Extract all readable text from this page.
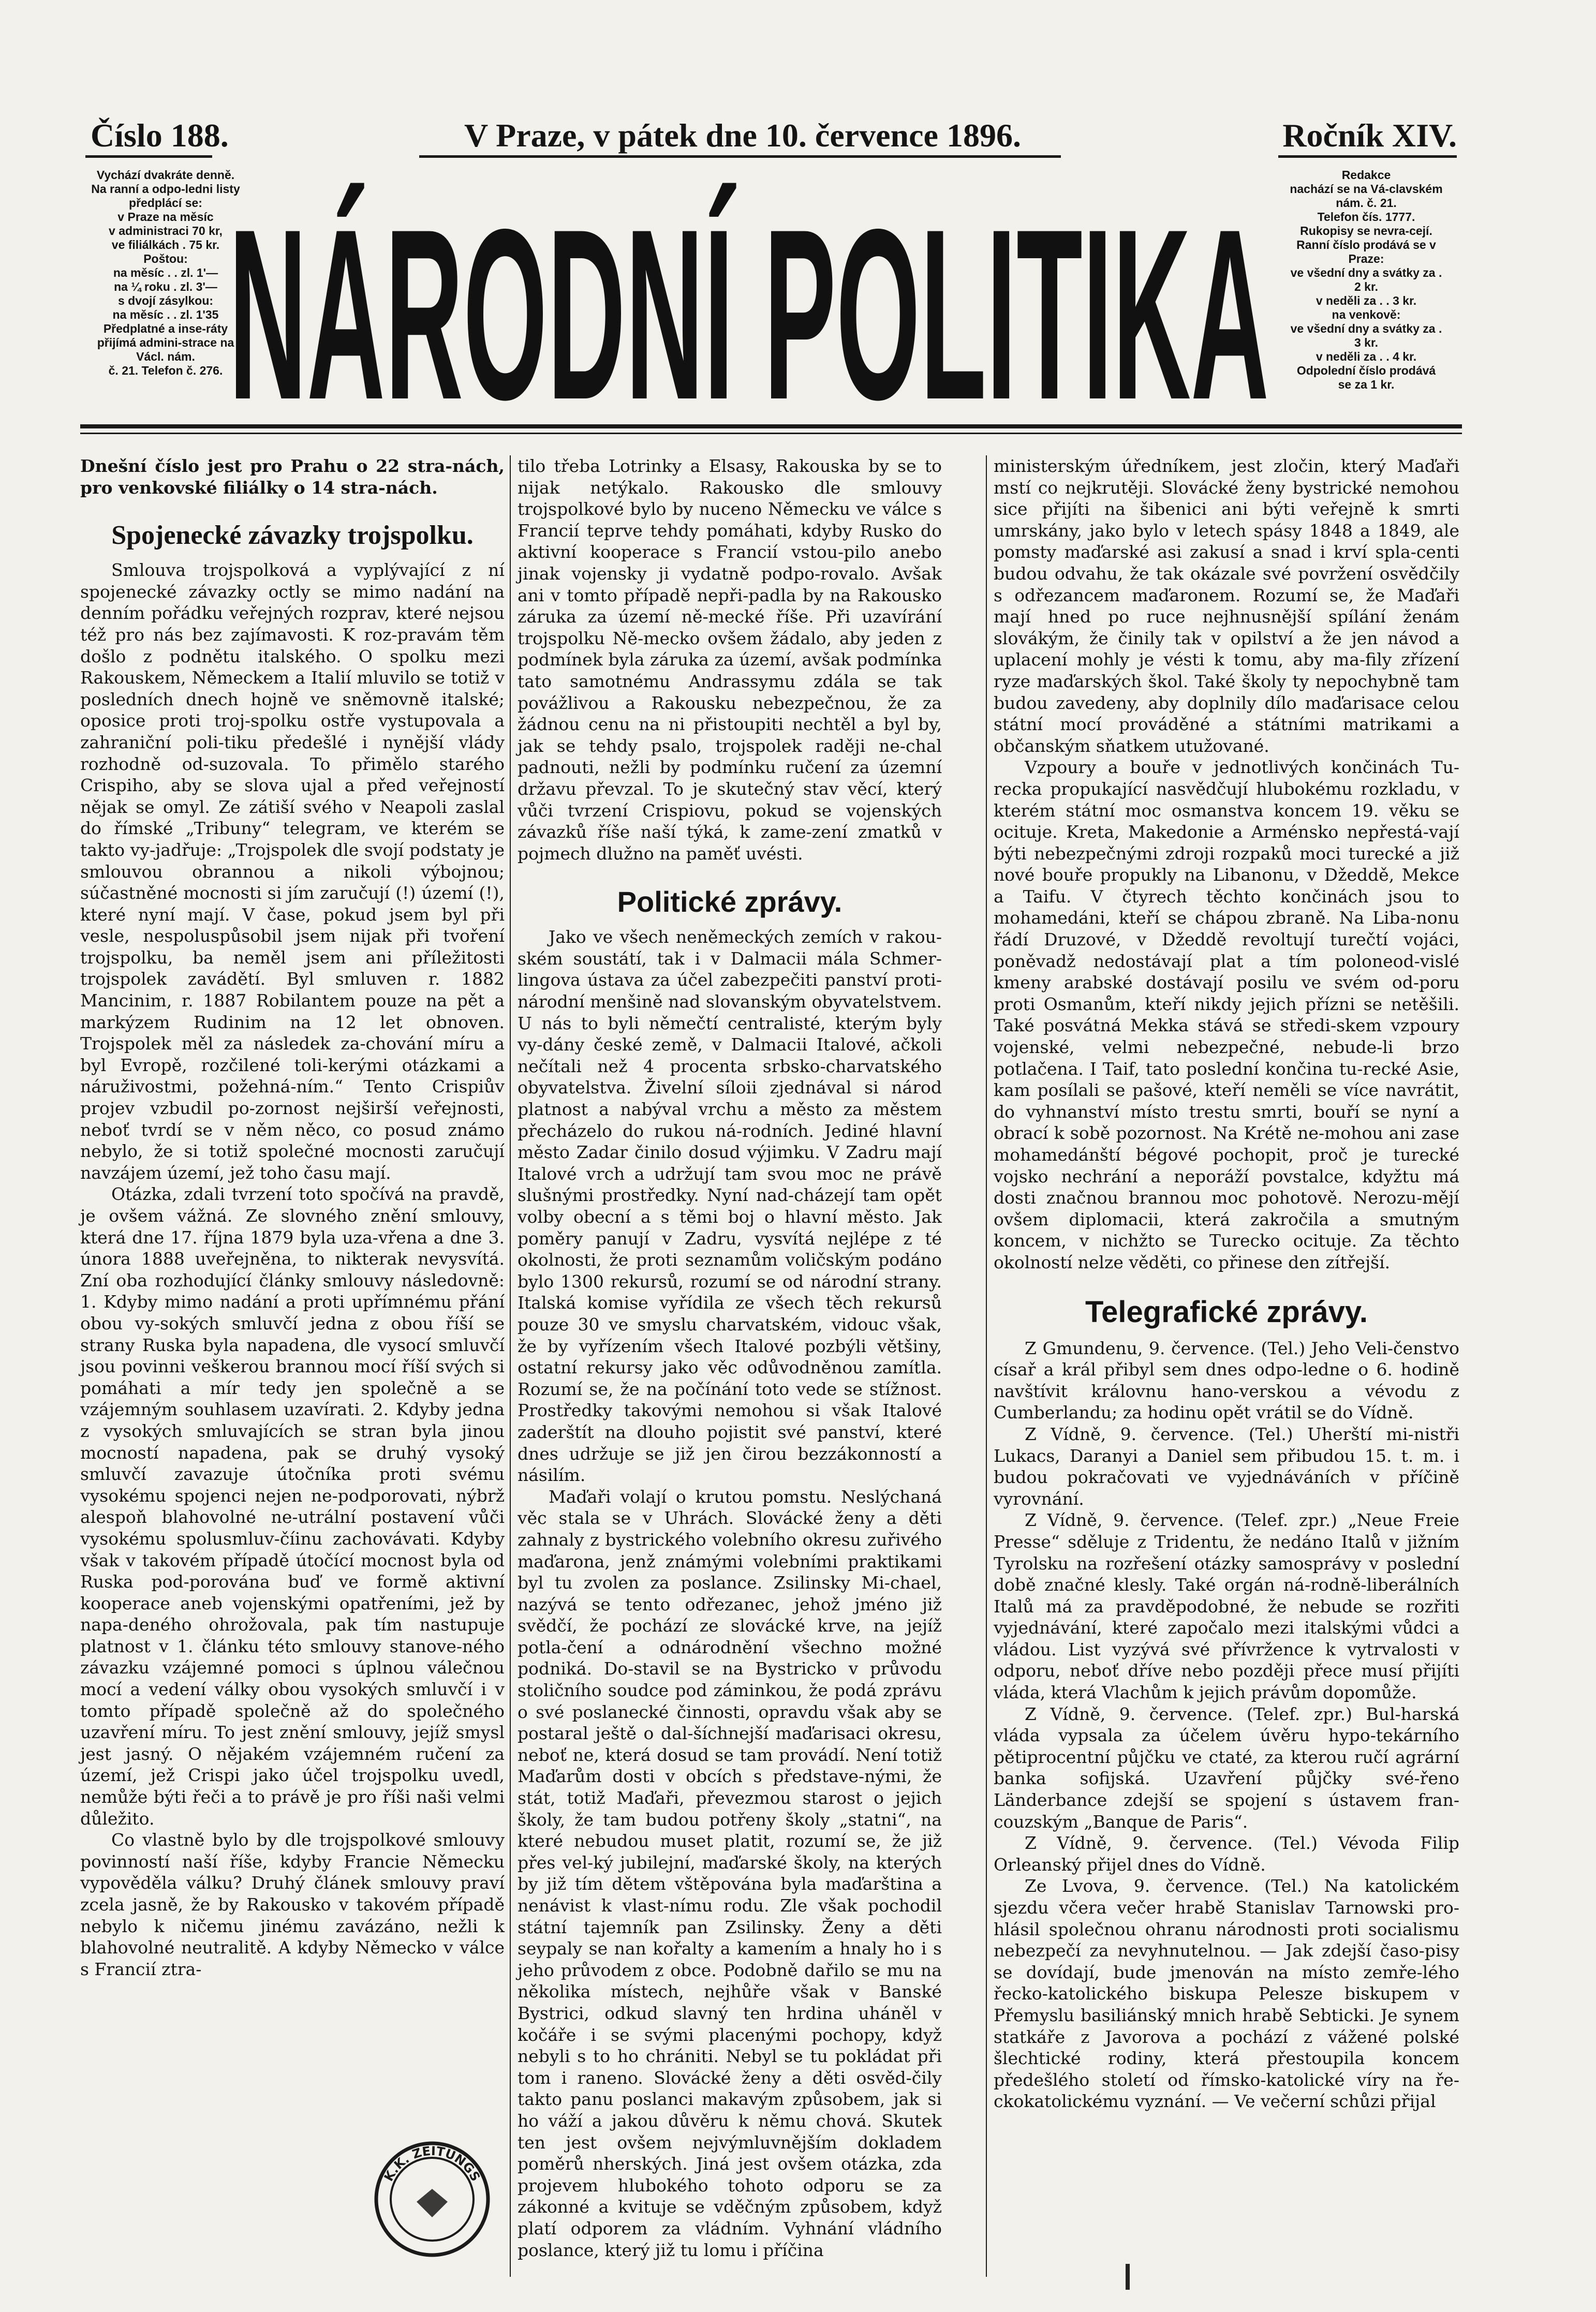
Číslo 188.	V Praze, v pátek dne 10. července 1896.	Ročník XIV.
Vychází dvakráte denně.
Na ranní a odpo-ledni listy předplácí se:
v Praze na měsíc
v administraci 70 kr,
ve filiálkách . 75 kr.
Poštou:
na měsíc . . zl. 1'—
na ¼ roku . zl. 3'—
s dvojí zásylkou:
na měsíc . . zl. 1'35
Předplatné a inse-ráty přijímá admini-strace na Václ. nám.
č. 21. Telefon č. 276. NÁRODNÍ POLITIKA
Redakce
nachází se na Vá-clavském nám. č. 21.
Telefon čís. 1777.
Rukopisy se nevra-cejí.
Ranní číslo prodává se v Praze:
ve všední dny a svátky za . 2 kr.
v neděli za . . 3 kr.
na venkově:
ve všední dny a svátky za . 3 kr.
v neděli za . . 4 kr.
Odpolední číslo prodává se za 1 kr.

Dnešní číslo jest pro Prahu o 22 strа-nách, pro venkovské filiálky o 14 stra-nách.

Spojenecké závazky trojspolku.

Smlouva trojspolková a vyplývající z ní spojenecké závazky octly se mimo nadání na denním pořádku veřejných rozprav, které nejsou též pro nás bez zajímavosti. K roz-pravám těm došlo z podnětu italského. O spolku mezi Rakouskem, Německem a Italií mluvilo se totiž v posledních dnech hojně ve sněmovně italské; oposice proti troj-spolku ostře vystupovala a zahraniční poli-tiku předešlé i nynější vlády rozhodně od-suzovala. To přimělo starého Crispiho, aby se slova ujal a před veřejností nějak se omyl. Ze zátiší svého v Neapoli zaslal do římské „Tribuny“ telegram, ve kterém se takto vy-jadřuje: „Trojspolek dle svojí podstaty je smlouvou obrannou a nikoli výbojnou; súčastněné mocnosti si jím zaručují (!) území (!), které nyní mají. V čase, pokud jsem byl při vesle, nespoluspůsobil jsem nijak při tvoření trojspolku, ba neměl jsem ani příležitosti trojspolek zavádětí. Byl smluven r. 1882 Mancinim, r. 1887 Robilantem pouze na pět a markýzem Rudinim na 12 let obnoven. Trojspolek měl za následek za-chování míru a byl Evropě, rozčilené toli-kerými otázkami a náruživostmi, požehná-ním.“ Tento Crispiův projev vzbudil po-zornost nejširší veřejnosti, neboť tvrdí se v něm něco, co posud známo nebylo, že si totiž společné mocnosti zaručují navzájem území, jež toho času mají.

Otázka, zdali tvrzení toto spočívá na pravdě, je ovšem vážná. Ze slovného znění smlouvy, která dne 17. října 1879 byla uza-vřena a dne 3. února 1888 uveřejněna, to nikterak nevysvítá. Zní oba rozhodující články smlouvy následovně: 1. Kdyby mimo nadání a proti upřímnému přání obou vy-sokých smluvčí jedna z obou říší se strany Ruska byla napadena, dle vysocí smluvčí jsou povinni veškerou brannou mocí říší svých si pomáhati a mír tedy jen společně a se vzájemným souhlasem uzavírati. 2. Kdyby jedna z vysokých smluvajících se stran byla jinou mocností napadena, pak se druhý vysoký smluvčí zavazuje útočníka proti svému vysokému spojenci nejen ne-podporovati, nýbrž alespoň blahovolné ne-utrální postavení vůči vysokému spolusmluv-číinu zachovávati. Kdyby však v takovém případě útočící mocnost byla od Ruska pod-porována buď ve formě aktivní kooperace aneb vojenskými opatřeními, jež by napa-deného ohrožovala, pak tím nastupuje platnost v 1. článku této smlouvy stanove-ného závazku vzájemné pomoci s úplnou válečnou mocí a vedení války obou vysokých smluvčí i v tomto případě společně až do společného uzavření míru. To jest znění smlouvy, jejíž smysl jest jasný. O nějakém vzájemném ručení za území, jež Crispi jako účel trojspolku uvedl, nemůže býti řeči a to právě je pro říši naši velmi důležito.

Co vlastně bylo by dle trojspolkové smlouvy povinností naší říše, kdyby Francie Německu vypověděla válku? Druhý článek smlouvy praví zcela jasně, že by Rakousko v takovém případě nebylo k ničemu jinému zavázáno, nežli k blahovolné neutralitě. A kdyby Německo v válce s Francií ztra-

tilo třeba Lotrinky a Elsasy, Rakouska by se to nijak netýkalo. Rakousko dle smlouvy trojspolkové bylo by nuceno Německu ve válce s Francií teprve tehdy pomáhati, kdyby Rusko do aktivní kooperace s Francií vstou-pilo anebo jinak vojensky ji vydatně podpo-rovalo. Avšak ani v tomto případě nepři-padla by na Rakousko záruka za území ně-mecké říše. Při uzavírání trojspolku Ně-mecko ovšem žádalo, aby jeden z podmínek byla záruka za území, avšak podmínka tato samotnému Andrassymu zdála se tak povážlivou a Rakousku nebezpečnou, že za žádnou cenu na ni přistoupiti nechtěl a byl by, jak se tehdy psalo, trojspolek raději ne-chal padnouti, nežli by podmínku ručení za územní državu převzal. To je skutečný stav věcí, který vůči tvrzení Crispiovu, pokud se vojenských závazků říše naší týká, k zame-zení zmatků v pojmech dlužno na paměť uvésti.

Politické zprávy.

Jako ve všech neněmeckých zemích v rakou-ském soustátí, tak i v Dalmacii mála Schmer-lingova ústava za účel zabezpečiti panství proti-národní menšině nad slovanským obyvatelstvem. U nás to byli němečtí centralisté, kterým byly vy-dány české země, v Dalmacii Italové, ačkoli nečítali než 4 procenta srbsko-charvatského obyvatelstva. Živelní síloii zjednával si národ platnost a nabýval vrchu a město za městem přecházelo do rukou ná-rodních. Jediné hlavní město Zadar činilo dosud výjimku. V Zadru mají Italové vrch a udržují tam svou moc ne právě slušnými prostředky. Nyní nad-cházejí tam opět volby obecní a s těmi boj o hlavní město. Jak poměry panují v Zadru, vysvítá nejlépe z té okolnosti, že proti seznamům voličským podáno bylo 1300 rekursů, rozumí se od národní strany. Italská komise vyřídila ze všech těch rekursů pouze 30 ve smyslu charvatském, vidouc však, že by vyřízením všech Italové pozbýli většiny, ostatní rekursy jako věc odůvodněnou zamítla. Rozumí se, že na počínání toto vede se stížnost. Prostředky takovými nemohou si však Italové zaderštít na dlouho pojistit své panství, které dnes udržuje se již jen čirou bezzákonností a násilím.

Maďaři volají o krutou pomstu. Neslýchaná věc stala se v Uhrách. Slovácké ženy a děti zahnaly z bystrického volebního okresu zuřivého maďarona, jenž známými volebními praktikami byl tu zvolen za poslance. Zsilinsky Mi-chael, nazývá se tento odřezanec, jehož jméno již svědčí, že pochází ze slovácké krve, na jejíž potla-čení a odnárodnění všechno možné podniká. Do-stavil se na Bystricko v průvodu stoličního soudce pod záminkou, že podá zprávu o své poslanecké činnosti, opravdu však aby se postaral ještě o dal-šíchnejší maďarisaci okresu, neboť ne, která dosud se tam provádí. Není totiž Maďarům dosti v obcích s představe-nými, že stát, totiž Maďaři, převezmou starost o jejich školy, že tam budou potřeny školy „statni“, na které nebudou muset platit, rozumí se, že již přes vel-ký jubilejní, maďarské školy, na kterých by již tím dětem vštěpována byla maďarština a nenávist k vlast-nímu rodu. Zle však pochodil státní tajemník pan Zsilinsky. Ženy a děti seypaly se nan kořalty a kamením a hnaly ho i s jeho průvodem z obce. Podobně dařilo se mu na několika místech, nejhůře však v Banské Bystrici, odkud slavný ten hrdina uháněl v kočáře i se svými placenými pochopy, když nebyli s to ho chrániti. Nebyl se tu pokládat při tom i raneno. Slovácké ženy a děti osvěd-čily takto panu poslanci makavým způsobem, jak si ho váží a jakou důvěru k němu chová. Skutek ten jest ovšem nejvýmluvnějším dokladem poměrů nherských. Jiná jest ovšem otázka, zda projevem hlubokého tohoto odporu se za zákonné a kvituje se vděčným způsobem, když platí odporem za vládním. Vyhnání vládního poslance, který již tu lomu i příčina

ministerským úředníkem, jest zločin, který Maďaři mstí co nejkrutěji. Slovácké ženy bystrické nemohou sice přijíti na šibenici ani býti veřejně k smrti umrskány, jako bylo v letech spásy 1848 a 1849, ale pomsty maďarské asi zakusí a snad i krví spla-centi budou odvahu, že tak okázale své povržení osvědčily s odřezancem maďaronem. Rozumí se, že Maďaři mají hned po ruce nejhnusnější spílání ženám slovákým, že činily tak v opilství a že jen návod a uplacení mohly je vésti k tomu, aby ma-fily zřízení ryze maďarských škol. Také školy ty nepochybně tam budou zavedeny, aby doplnily dílo maďarisace celou státní mocí prováděné a státními matrikami a občanským sňatkem utužované.

Vzpoury a bouře v jednotlivých končinách Tu-recka propukající nasvědčují hlubokému rozkladu, v kterém státní moc osmanstva koncem 19. věku se ocituje. Kreta, Makedonie a Arménsko nepřestá-vají býti nebezpečnými zdroji rozpaků moci turecké a již nové bouře propukly na Libanonu, v Džeddě, Mekce a Taifu. V čtyrech těchto končinách jsou to mohamedáni, kteří se chápou zbraně. Na Liba-nonu řádí Druzové, v Džeddě revoltují turečtí vojáci, poněvadž nedostávají plat a tím poloneod-vislé kmeny arabské dostávají posilu ve svém od-poru proti Osmanům, kteří nikdy jejich přízni se netěšili. Také posvátná Mekka stává se středi-skem vzpoury vojenské, velmi nebezpečné, nebude-li brzo potlačena. I Taif, tato poslední končina tu-recké Asie, kam posílali se pašové, kteří neměli se více navrátit, do vyhnanství místo trestu smrti, bouří se nyní a obrací k sobě pozornost. Na Krétě ne-mohou ani zase mohamedánští bégové pochopit, proč je turecké vojsko nechrání a neporáží povstalce, kdyžtu má dosti značnou brannou moc pohotově. Nerozu-mějí ovšem diplomacii, která zakročila a smutným koncem, v nichžto se Turecko ocituje. Za těchto okolností nelze věděti, co přinese den zítřejší.

Telegrafické zprávy.

Z Gmundenu, 9. července. (Tel.) Jeho Veli-čenstvo císař a král přibyl sem dnes odpo-ledne o 6. hodině navštívit královnu hano-verskou a vévodu z Cumberlandu; za hodinu opět vrátil se do Vídně.

Z Vídně, 9. července. (Tel.) Uherští mi-nistři Lukacs, Daranyi a Daniel sem přibudou 15. t. m. i budou pokračovati ve vyjednáváních v příčině vyrovnání.

Z Vídně, 9. července. (Telef. zpr.) „Neue Freie Presse“ sděluje z Tridentu, že nedáno Italů v jižním Tyrolsku na rozřešení otázky samosprávy v poslední době značné klesly. Také orgán ná-rodně-liberálních Italů má za pravděpodobné, že nebude se rozřiti vyjednávání, které započalo mezi italskými vůdci a vládou. List vyzývá své přívržence k vytrvalosti v odporu, neboť dříve nebo později přece musí přijíti vláda, která Vlachům k jejich právům dopomůže.

Z Vídně, 9. července. (Telef. zpr.) Bul-harská vláda vypsala za účelem úvěru hypo-tekárního pětiprocentní půjčku ve ctaté, za kterou ručí agrární banka sofijská. Uzavření půjčky své-řeno Länderbance zdejší se spojení s ústavem fran-couzským „Banque de Paris“.

Z Vídně, 9. července. (Tel.) Vévoda Filip Orleanský přijel dnes do Vídně.

Ze Lvova, 9. července. (Tel.) Na katolickém sjezdu včera večer hrabě Stanislav Tarnowski pro-hlásil společnou ohranu národnosti proti socialismu nebezpečí za nevyhnutelnou. — Jak zdejší časo-pisy se dovídají, bude jmenován na místo zemře-lého řecko-katolického biskupa Pelesze biskupem v Přemyslu basiliánský mnich hrabě Sebticki. Je synem statkáře z Javorova a pochází z vážené polské šlechtické rodiny, která přestoupila koncem předešlého století od římsko-katolické víry na ře-ckokatolickému vyznání. — Ve večerní schůzi přijal

K.K. ZEITUNGS
